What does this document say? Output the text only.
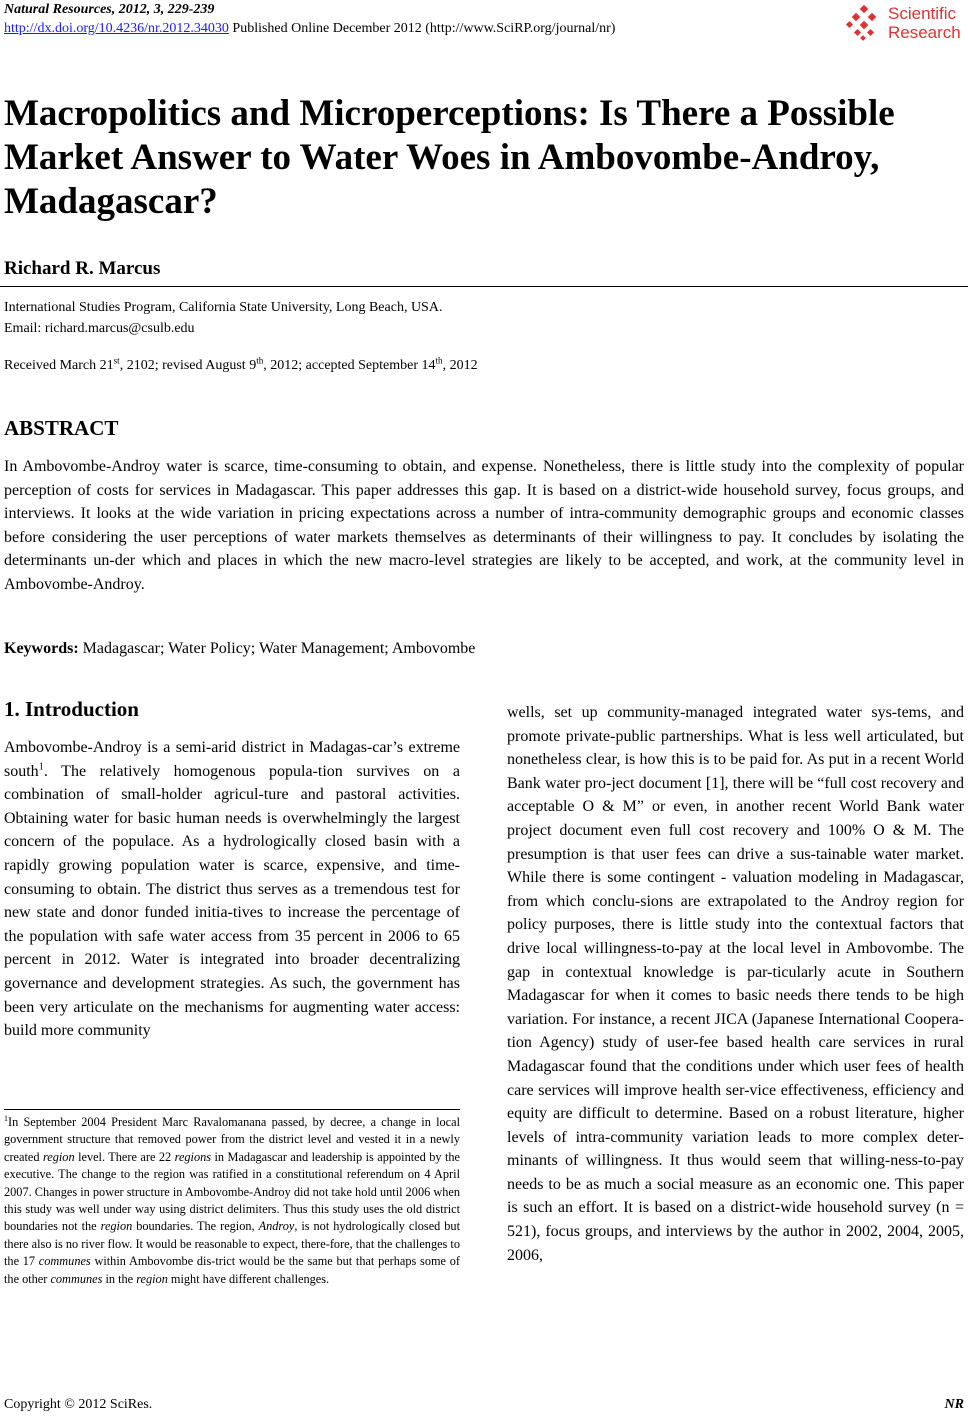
Natural Resources, 2012, 3, 229-239
http://dx.doi.org/10.4236/nr.2012.34030 Published Online December 2012 (http://www.SciRP.org/journal/nr)
Scientific
Research
Macropolitics and Microperceptions: Is There a Possible Market Answer to Water Woes in Ambovombe-Androy, Madagascar?
Richard R. Marcus
International Studies Program, California State University, Long Beach, USA.
Email: richard.marcus@csulb.edu
Received March 21st, 2102; revised August 9th, 2012; accepted September 14th, 2012
ABSTRACT
In Ambovombe-Androy water is scarce, time-consuming to obtain, and expense. Nonetheless, there is little study into the complexity of popular perception of costs for services in Madagascar. This paper addresses this gap. It is based on a district-wide household survey, focus groups, and interviews. It looks at the wide variation in pricing expectations across a number of intra-community demographic groups and economic classes before considering the user perceptions of water markets themselves as determinants of their willingness to pay. It concludes by isolating the determinants un-der which and places in which the new macro-level strategies are likely to be accepted, and work, at the community level in Ambovombe-Androy.
Keywords: Madagascar; Water Policy; Water Management; Ambovombe
1. Introduction
Ambovombe-Androy is a semi-arid district in Madagas-car’s extreme south$^1$. The relatively homogenous popula-tion survives on a combination of small-holder agricul-ture and pastoral activities. Obtaining water for basic human needs is overwhelmingly the largest concern of the populace. As a hydrologically closed basin with a rapidly growing population water is scarce, expensive, and time-consuming to obtain. The district thus serves as a tremendous test for new state and donor funded initia-tives to increase the percentage of the population with safe water access from 35 percent in 2006 to 65 percent in 2012. Water is integrated into broader decentralizing governance and development strategies. As such, the government has been very articulate on the mechanisms for augmenting water access: build more community
wells, set up community-managed integrated water sys-tems, and promote private-public partnerships. What is less well articulated, but nonetheless clear, is how this is to be paid for. As put in a recent World Bank water pro-ject document [1], there will be “full cost recovery and acceptable O & M” or even, in another recent World Bank water project document even full cost recovery and 100% O & M. The presumption is that user fees can drive a sus-tainable water market. While there is some contingent - valuation modeling in Madagascar, from which conclu-sions are extrapolated to the Androy region for policy purposes, there is little study into the contextual factors that drive local willingness-to-pay at the local level in Ambovombe. The gap in contextual knowledge is par-ticularly acute in Southern Madagascar for when it comes to basic needs there tends to be high variation. For instance, a recent JICA (Japanese International Coopera-tion Agency) study of user-fee based health care services in rural Madagascar found that the conditions under which user fees of health care services will improve health ser-vice effectiveness, efficiency and equity are difficult to determine. Based on a robust literature, higher levels of intra-community variation leads to more complex deter-minants of willingness. It thus would seem that willing-ness-to-pay needs to be as much a social measure as an economic one. This paper is such an effort. It is based on a district-wide household survey (n = 521), focus groups, and interviews by the author in 2002, 2004, 2005, 2006,
$^1$In September 2004 President Marc Ravalomanana passed, by decree, a change in local government structure that removed power from the district level and vested it in a newly created region level. There are 22 regions in Madagascar and leadership is appointed by the executive. The change to the region was ratified in a constitutional referendum on 4 April 2007. Changes in power structure in Ambovombe-Androy did not take hold until 2006 when this study was well under way using district delimiters. Thus this study uses the old district boundaries not the region boundaries. The region, Androy, is not hydrologically closed but there also is no river flow. It would be reasonable to expect, there-fore, that the challenges to the 17 communes within Ambovombe dis-trict would be the same but that perhaps some of the other communes in the region might have different challenges.
Copyright © 2012 SciRes.	NR
